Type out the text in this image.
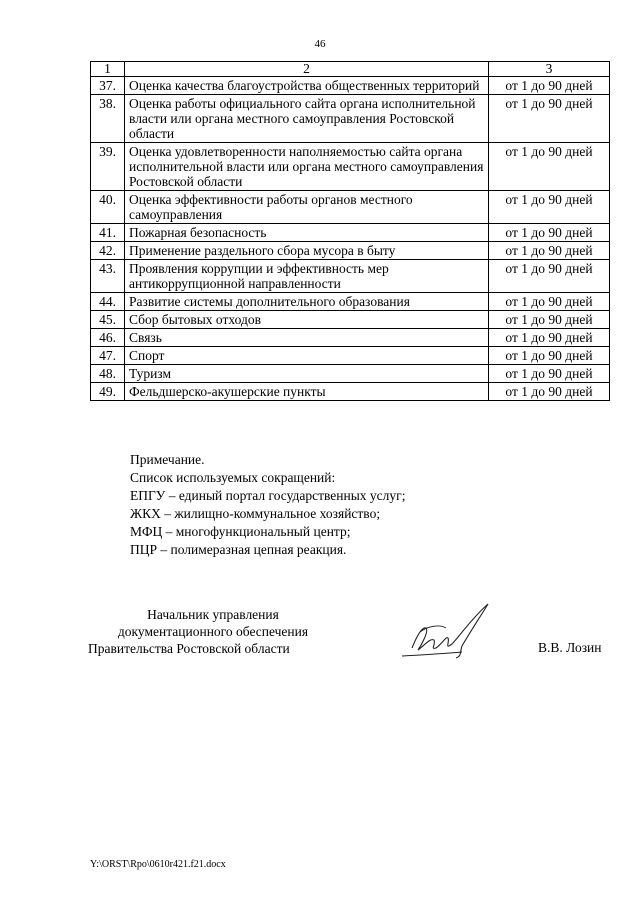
46
1	2	3
37.	Оценка качества благоустройства общественных территорий	от 1 до 90 дней
38.	Оценка работы официального сайта органа исполнительной власти или органа местного самоуправления Ростовской области	от 1 до 90 дней
39.	Оценка удовлетворенности наполняемостью сайта органа исполнительной власти или органа местного самоуправления Ростовской области	от 1 до 90 дней
40.	Оценка эффективности работы органов местного самоуправления	от 1 до 90 дней
41.	Пожарная безопасность	от 1 до 90 дней
42.	Применение раздельного сбора мусора в быту	от 1 до 90 дней
43.	Проявления коррупции и эффективность мер антикоррупционной направленности	от 1 до 90 дней
44.	Развитие системы дополнительного образования	от 1 до 90 дней
45.	Сбор бытовых отходов	от 1 до 90 дней
46.	Связь	от 1 до 90 дней
47.	Спорт	от 1 до 90 дней
48.	Туризм	от 1 до 90 дней
49.	Фельдшерско-акушерские пункты	от 1 до 90 дней
Примечание.
Список используемых сокращений:
ЕПГУ – единый портал государственных услуг;
ЖКХ – жилищно-коммунальное хозяйство;
МФЦ – многофункциональный центр;
ПЦР – полимеразная цепная реакция.
Начальник управления
документационного обеспечения
Правительства Ростовской области	В.В. Лозин
Y:\ORST\Rpo\0610r421.f21.docx
